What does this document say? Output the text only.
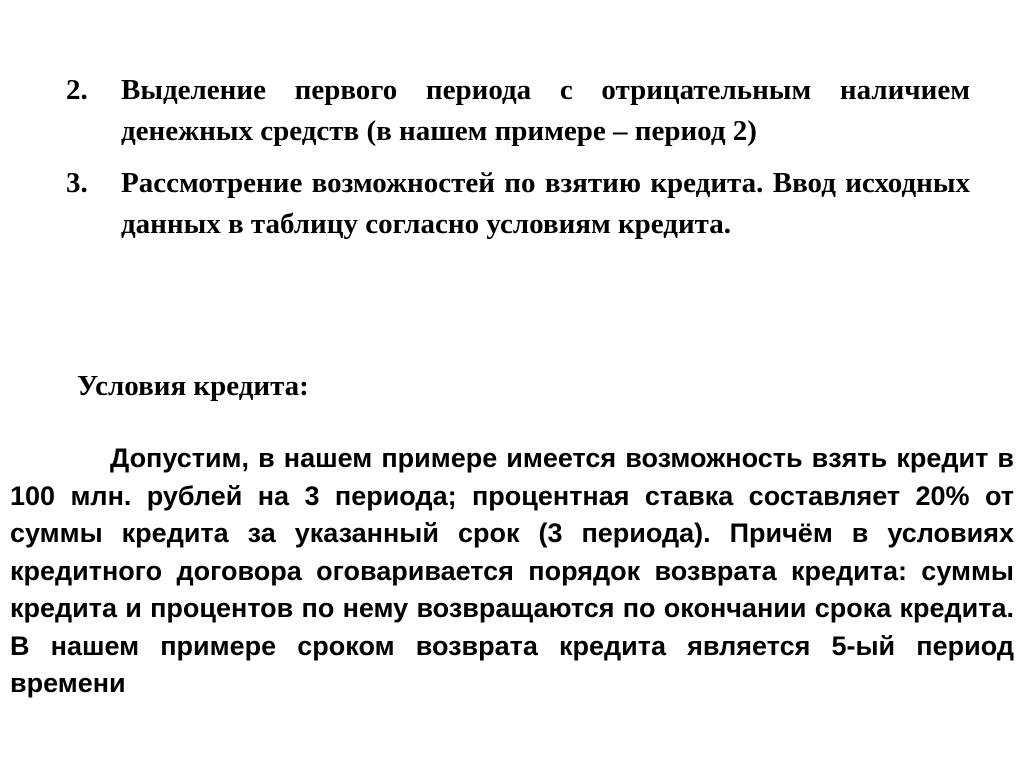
2.	Выделение первого периода с отрицательным наличием денежных средств (в нашем примере – период 2)
3.	Рассмотрение возможностей по взятию кредита. Ввод исходных данных в таблицу согласно условиям кредита.
Условия кредита:

Допустим, в нашем примере имеется возможность взять кредит в 100 млн. рублей на 3 периода; процентная ставка составляет 20% от суммы кредита за указанный срок (3 периода). Причём в условиях кредитного договора оговаривается порядок возврата кредита: суммы кредита и процентов по нему возвращаются по окончании срока кредита. В нашем примере сроком возврата кредита является 5-ый период времени
